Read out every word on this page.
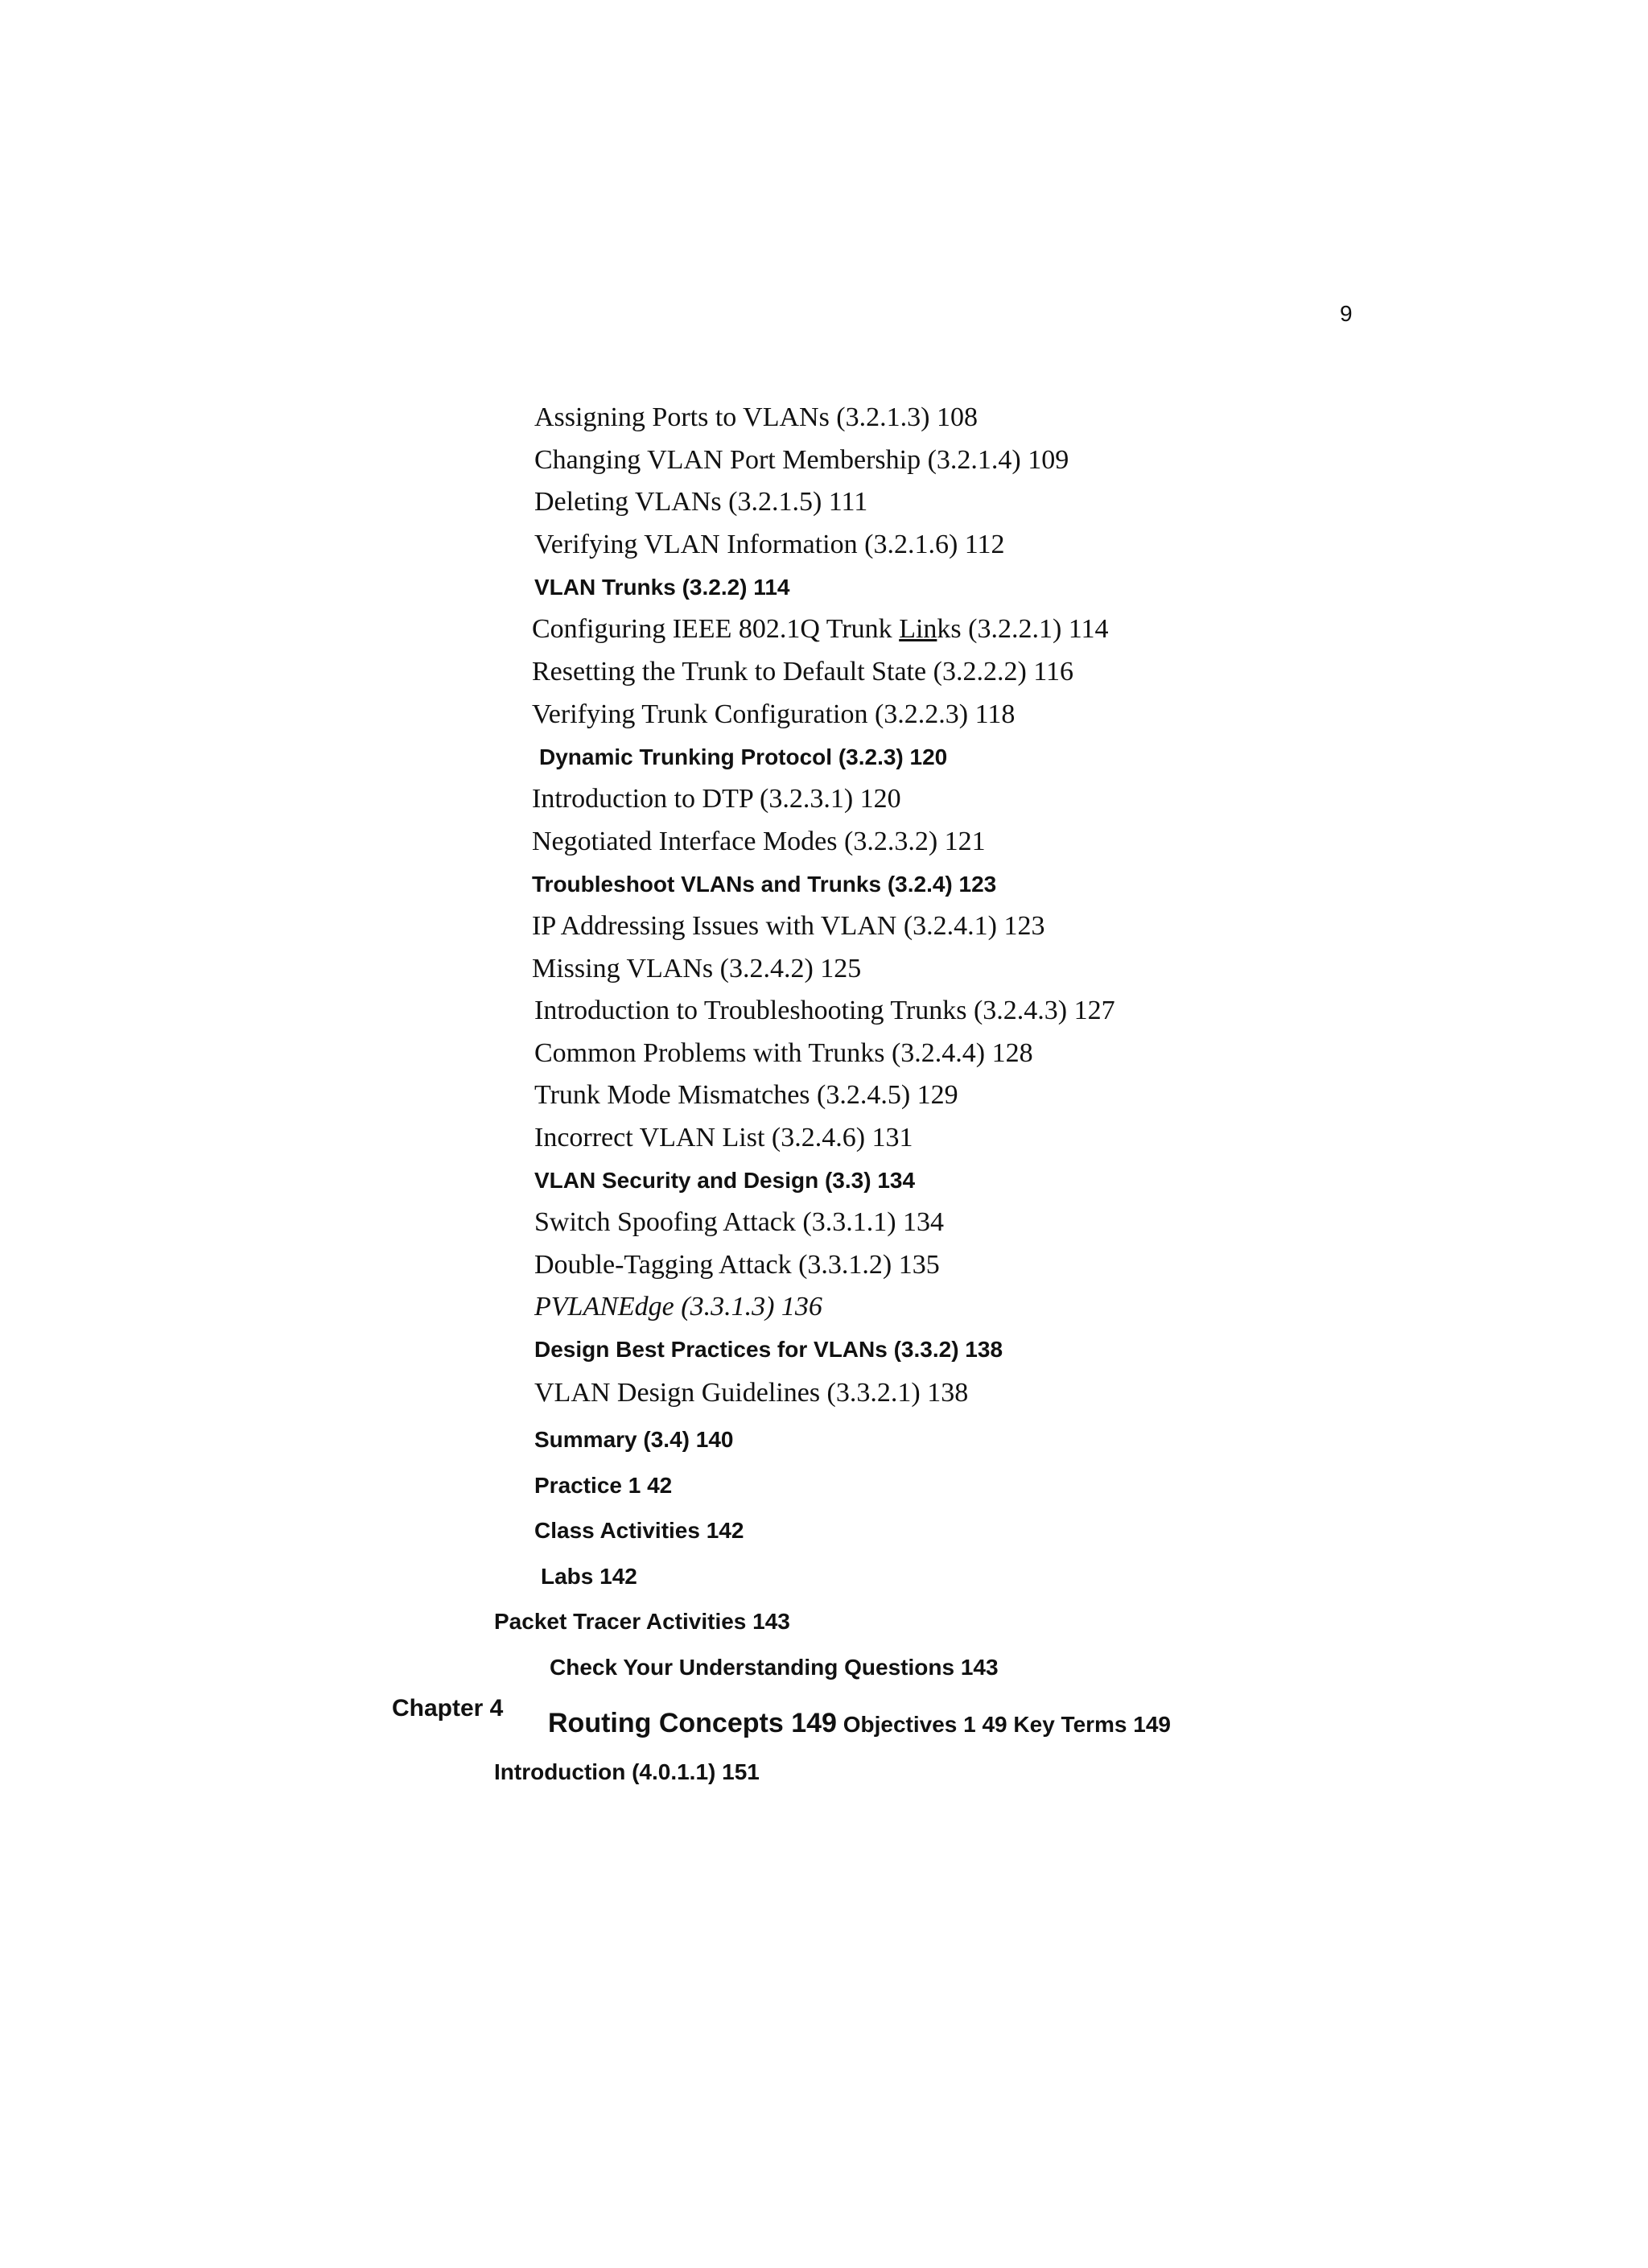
9
Assigning Ports to VLANs (3.2.1.3) 108
Changing VLAN Port Membership (3.2.1.4) 109
Deleting VLANs (3.2.1.5) 111
Verifying VLAN Information (3.2.1.6) 112
VLAN Trunks (3.2.2) 114
Configuring IEEE 802.1Q Trunk Links (3.2.2.1) 114
Resetting the Trunk to Default State (3.2.2.2) 116
Verifying Trunk Configuration (3.2.2.3) 118
Dynamic Trunking Protocol (3.2.3) 120
Introduction to DTP (3.2.3.1) 120
Negotiated Interface Modes (3.2.3.2) 121
Troubleshoot VLANs and Trunks (3.2.4) 123
IP Addressing Issues with VLAN (3.2.4.1) 123
Missing VLANs (3.2.4.2) 125
Introduction to Troubleshooting Trunks (3.2.4.3) 127
Common Problems with Trunks (3.2.4.4) 128
Trunk Mode Mismatches (3.2.4.5) 129
Incorrect VLAN List (3.2.4.6) 131
VLAN Security and Design (3.3) 134
Switch Spoofing Attack (3.3.1.1) 134
Double-Tagging Attack (3.3.1.2) 135
PVLANEdge (3.3.1.3) 136
Design Best Practices for VLANs (3.3.2) 138
VLAN Design Guidelines (3.3.2.1) 138
Summary (3.4) 140
Practice 1 42
Class Activities 142
Labs 142
Packet Tracer Activities 143
Check Your Understanding Questions 143
Chapter 4 Routing Concepts 149 Objectives 1 49 Key Terms 149
Introduction (4.0.1.1) 151
